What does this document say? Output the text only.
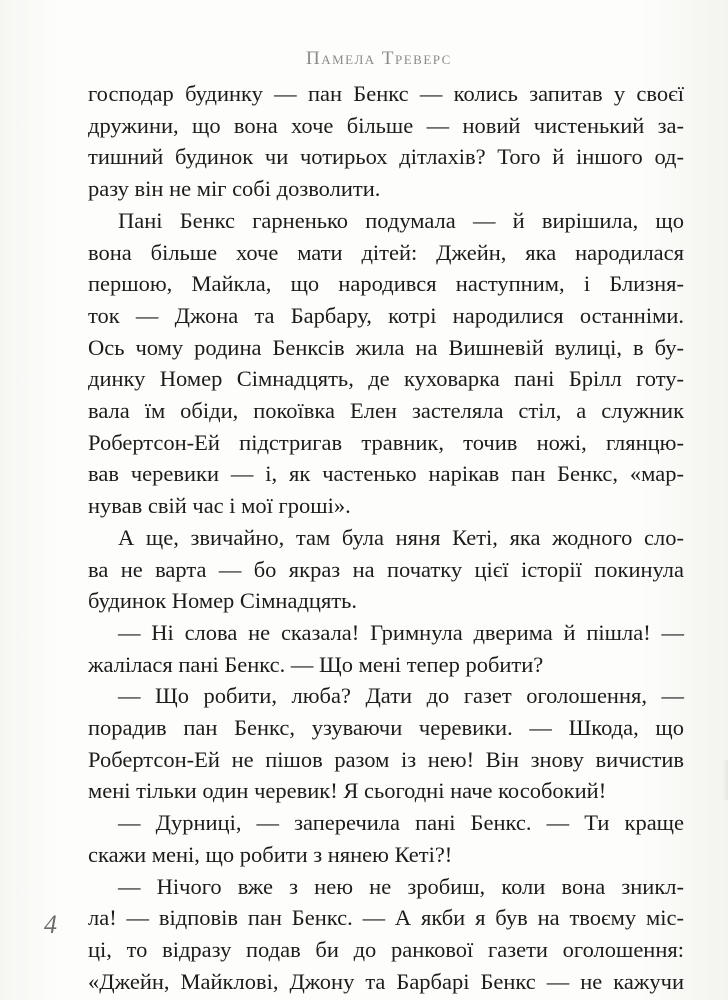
Памела Треверс

господар будинку — пан Бенкс — колись запитав у своєї
дружини, що вона хоче більше — новий чистенький за-
тишний будинок чи чотирьох дітлахів? Того й іншого од-
разу він не міг собі дозволити.

Пані Бенкс гарненько подумала — й вирішила, що
вона більше хоче мати дітей: Джейн, яка народилася
першою, Майкла, що народився наступним, і Близня-
ток — Джона та Барбару, котрі народилися останніми.
Ось чому родина Бенксів жила на Вишневій вулиці, в бу-
динку Номер Сімнадцять, де куховарка пані Брілл готу-
вала їм обіди, покоївка Елен застеляла стіл, а служник
Робертсон-Ей підстригав травник, точив ножі, глянцю-
вав черевики — і, як частенько нарікав пан Бенкс, «мар-
нував свій час і мої гроші».

А ще, звичайно, там була няня Кеті, яка жодного сло-
ва не варта — бо якраз на початку цієї історії покинула
будинок Номер Сімнадцять.

— Ні слова не сказала! Гримнула дверима й пішла! —
жалілася пані Бенкс. — Що мені тепер робити?

— Що робити, люба? Дати до газет оголошення, —
порадив пан Бенкс, узуваючи черевики. — Шкода, що
Робертсон-Ей не пішов разом із нею! Він знову вичистив
мені тільки один черевик! Я сьогодні наче кособокий!

— Дурниці, — заперечила пані Бенкс. — Ти краще
скажи мені, що робити з нянею Кеті?!

— Нічого вже з нею не зробиш, коли вона зникл-
ла! — відповів пан Бенкс. — А якби я був на твоєму міс-
ці, то відразу подав би до ранкової газети оголошення:
«Джейн, Майклові, Джону та Барбарі Бенкс — не кажучи

4
